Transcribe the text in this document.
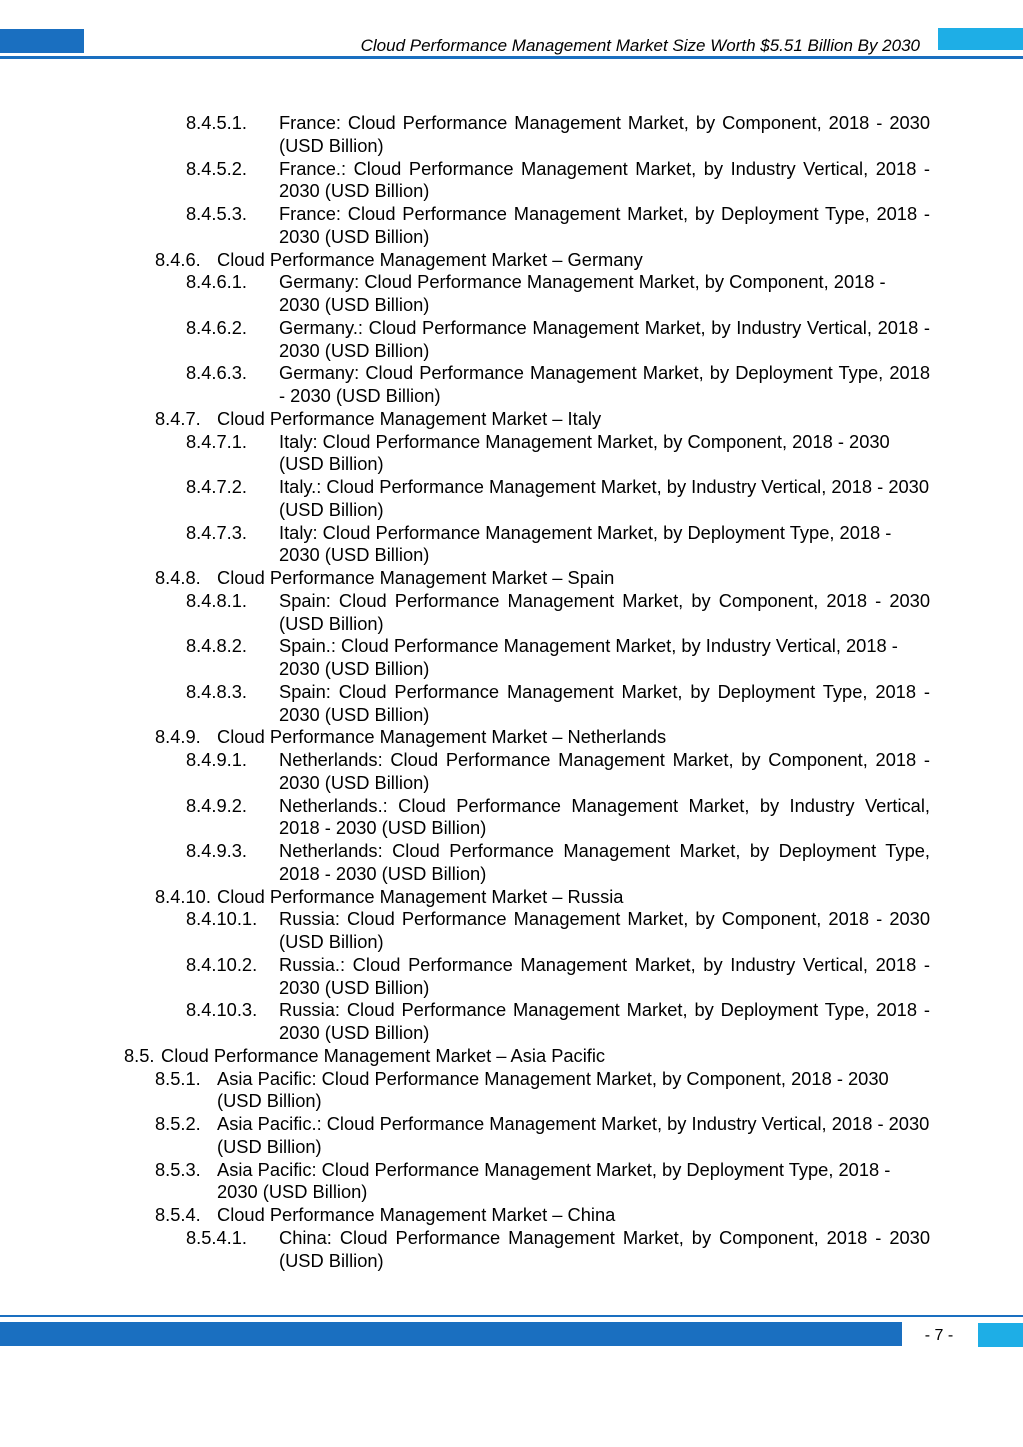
Cloud Performance Management Market Size Worth $5.51 Billion By 2030
8.4.5.1. France: Cloud Performance Management Market, by Component, 2018 - 2030 (USD Billion)
8.4.5.2. France.: Cloud Performance Management Market, by Industry Vertical, 2018 - 2030 (USD Billion)
8.4.5.3. France: Cloud Performance Management Market, by Deployment Type, 2018 - 2030 (USD Billion)
8.4.6. Cloud Performance Management Market – Germany
8.4.6.1. Germany: Cloud Performance Management Market, by Component, 2018 - 2030 (USD Billion)
8.4.6.2. Germany.: Cloud Performance Management Market, by Industry Vertical, 2018 - 2030 (USD Billion)
8.4.6.3. Germany: Cloud Performance Management Market, by Deployment Type, 2018 - 2030 (USD Billion)
8.4.7. Cloud Performance Management Market – Italy
8.4.7.1. Italy: Cloud Performance Management Market, by Component, 2018 - 2030 (USD Billion)
8.4.7.2. Italy.: Cloud Performance Management Market, by Industry Vertical, 2018 - 2030 (USD Billion)
8.4.7.3. Italy: Cloud Performance Management Market, by Deployment Type, 2018 - 2030 (USD Billion)
8.4.8. Cloud Performance Management Market – Spain
8.4.8.1. Spain: Cloud Performance Management Market, by Component, 2018 - 2030 (USD Billion)
8.4.8.2. Spain.: Cloud Performance Management Market, by Industry Vertical, 2018 - 2030 (USD Billion)
8.4.8.3. Spain: Cloud Performance Management Market, by Deployment Type, 2018 - 2030 (USD Billion)
8.4.9. Cloud Performance Management Market – Netherlands
8.4.9.1. Netherlands: Cloud Performance Management Market, by Component, 2018 - 2030 (USD Billion)
8.4.9.2. Netherlands.: Cloud Performance Management Market, by Industry Vertical, 2018 - 2030 (USD Billion)
8.4.9.3. Netherlands: Cloud Performance Management Market, by Deployment Type, 2018 - 2030 (USD Billion)
8.4.10. Cloud Performance Management Market – Russia
8.4.10.1. Russia: Cloud Performance Management Market, by Component, 2018 - 2030 (USD Billion)
8.4.10.2. Russia.: Cloud Performance Management Market, by Industry Vertical, 2018 - 2030 (USD Billion)
8.4.10.3. Russia: Cloud Performance Management Market, by Deployment Type, 2018 - 2030 (USD Billion)
8.5. Cloud Performance Management Market – Asia Pacific
8.5.1. Asia Pacific: Cloud Performance Management Market, by Component, 2018 - 2030 (USD Billion)
8.5.2. Asia Pacific.: Cloud Performance Management Market, by Industry Vertical, 2018 - 2030 (USD Billion)
8.5.3. Asia Pacific: Cloud Performance Management Market, by Deployment Type, 2018 - 2030 (USD Billion)
8.5.4. Cloud Performance Management Market – China
8.5.4.1. China: Cloud Performance Management Market, by Component, 2018 - 2030 (USD Billion)
- 7 -
